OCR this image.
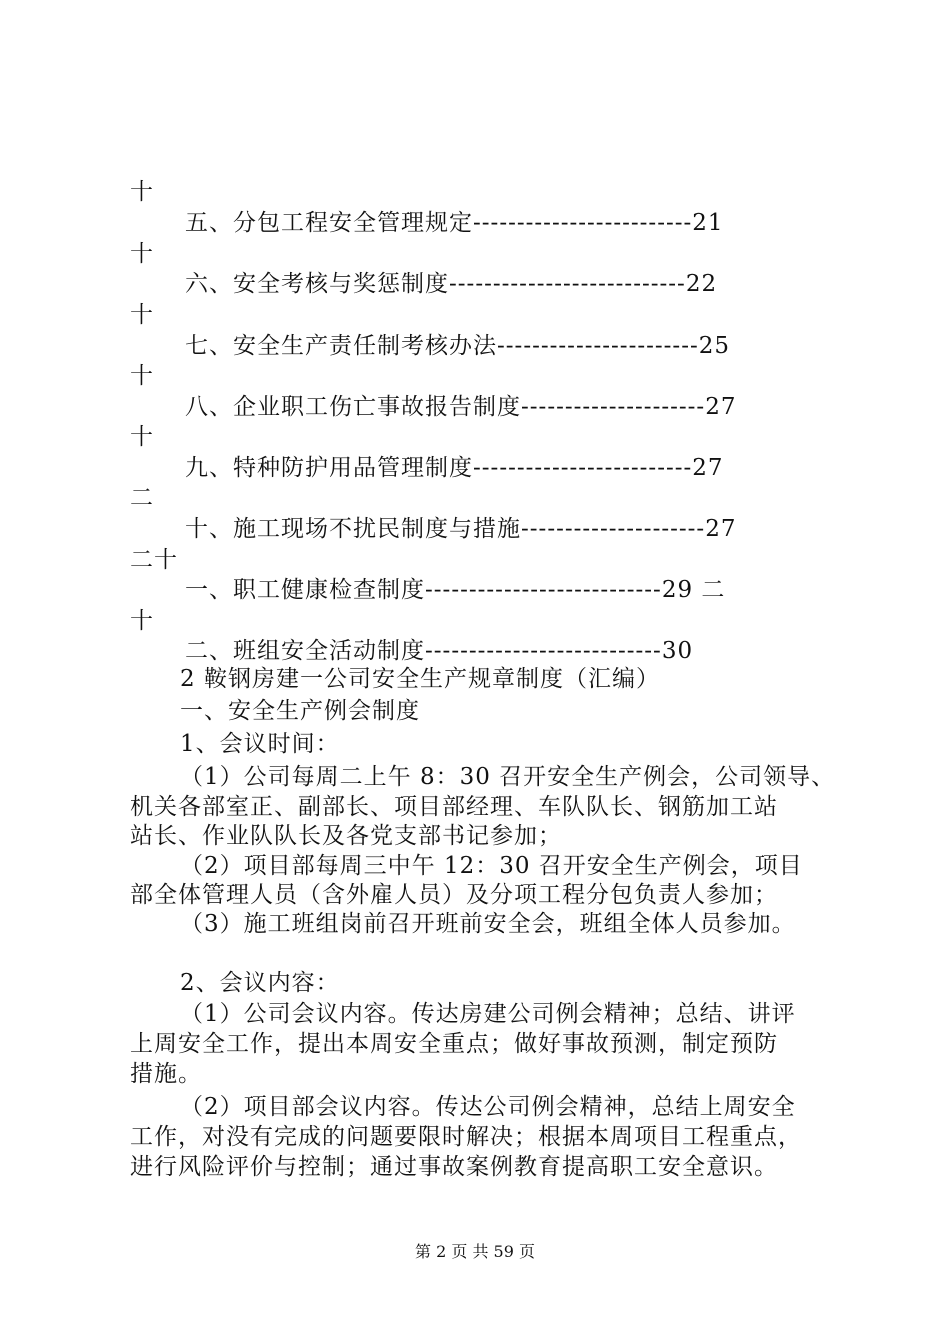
十
五、分包工程安全管理规定-------------------------21
十
六、安全考核与奖惩制度---------------------------22
十
七、安全生产责任制考核办法-----------------------25
十
八、企业职工伤亡事故报告制度---------------------27
十
九、特种防护用品管理制度-------------------------27
二
十、施工现场不扰民制度与措施---------------------27
二十
一、职工健康检查制度---------------------------29 二
十
二、班组安全活动制度---------------------------30
2 鞍钢房建一公司安全生产规章制度（汇编）
一、安全生产例会制度
1、会议时间：
（1）公司每周二上午 8：30 召开安全生产例会，公司领导、
机关各部室正、副部长、项目部经理、车队队长、钢筋加工站
站长、作业队队长及各党支部书记参加；
（2）项目部每周三中午 12：30 召开安全生产例会，项目
部全体管理人员（含外雇人员）及分项工程分包负责人参加；
（3）施工班组岗前召开班前安全会，班组全体人员参加。
2、会议内容：
（1）公司会议内容。传达房建公司例会精神；总结、讲评
上周安全工作，提出本周安全重点；做好事故预测，制定预防
措施。
（2）项目部会议内容。传达公司例会精神，总结上周安全
工作，对没有完成的问题要限时解决；根据本周项目工程重点，
进行风险评价与控制；通过事故案例教育提高职工安全意识。
第 2 页 共 59 页
